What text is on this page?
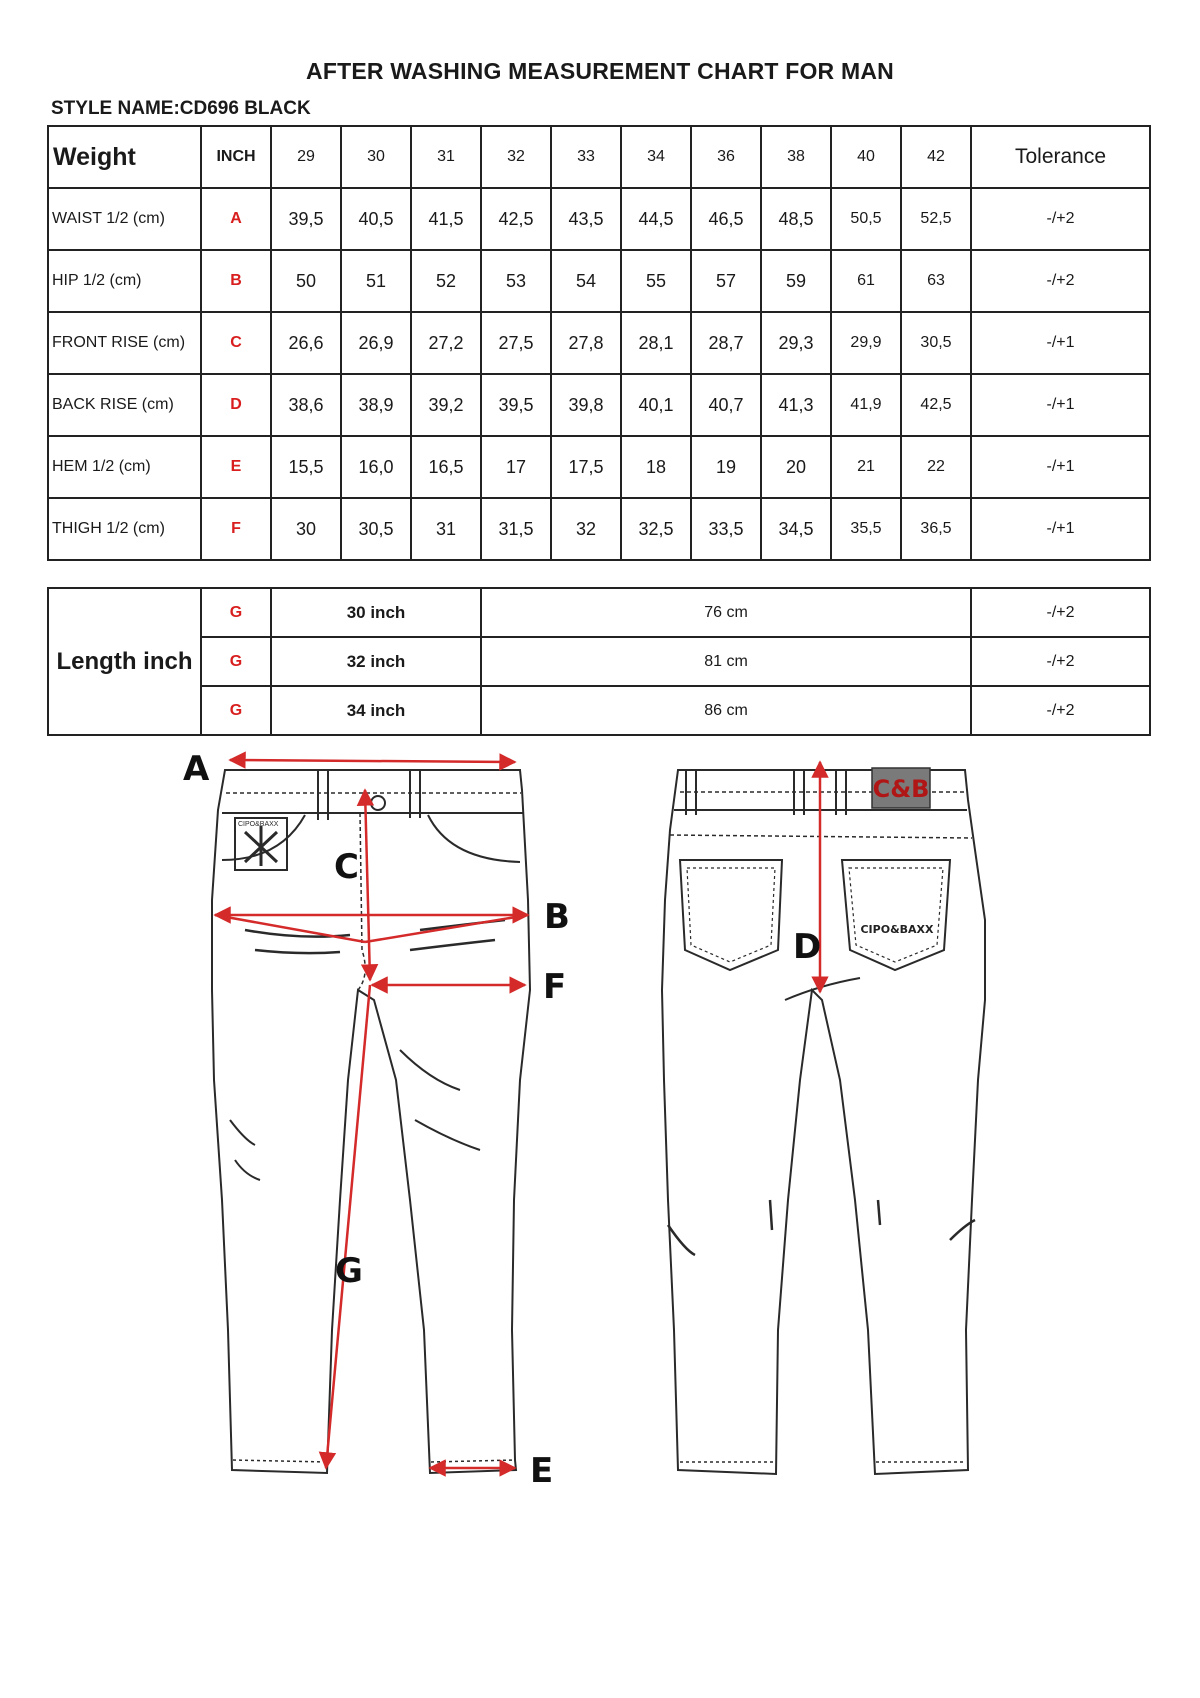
AFTER WASHING MEASUREMENT CHART FOR MAN
STYLE NAME:CD696 BLACK
Weight	INCH	29	30	31	32	33	34	36	38	40	42	Tolerance
WAIST 1/2 (cm)	A	39,5	40,5	41,5	42,5	43,5	44,5	46,5	48,5	50,5	52,5	-/+2
HIP 1/2 (cm)	B	50	51	52	53	54	55	57	59	61	63	-/+2
FRONT RISE (cm)	C	26,6	26,9	27,2	27,5	27,8	28,1	28,7	29,3	29,9	30,5	-/+1
BACK RISE (cm)	D	38,6	38,9	39,2	39,5	39,8	40,1	40,7	41,3	41,9	42,5	-/+1
HEM 1/2 (cm)	E	15,5	16,0	16,5	17	17,5	18	19	20	21	22	-/+1
THIGH 1/2 (cm)	F	30	30,5	31	31,5	32	32,5	33,5	34,5	35,5	36,5	-/+1
Length inch	G	30 inch	76 cm	-/+2
	G	32 inch	81 cm	-/+2
	G	34 inch	86 cm	-/+2
CIPO&BAXX
A
B
C
E
F
G
C&B
CIPO&BAXX
D
